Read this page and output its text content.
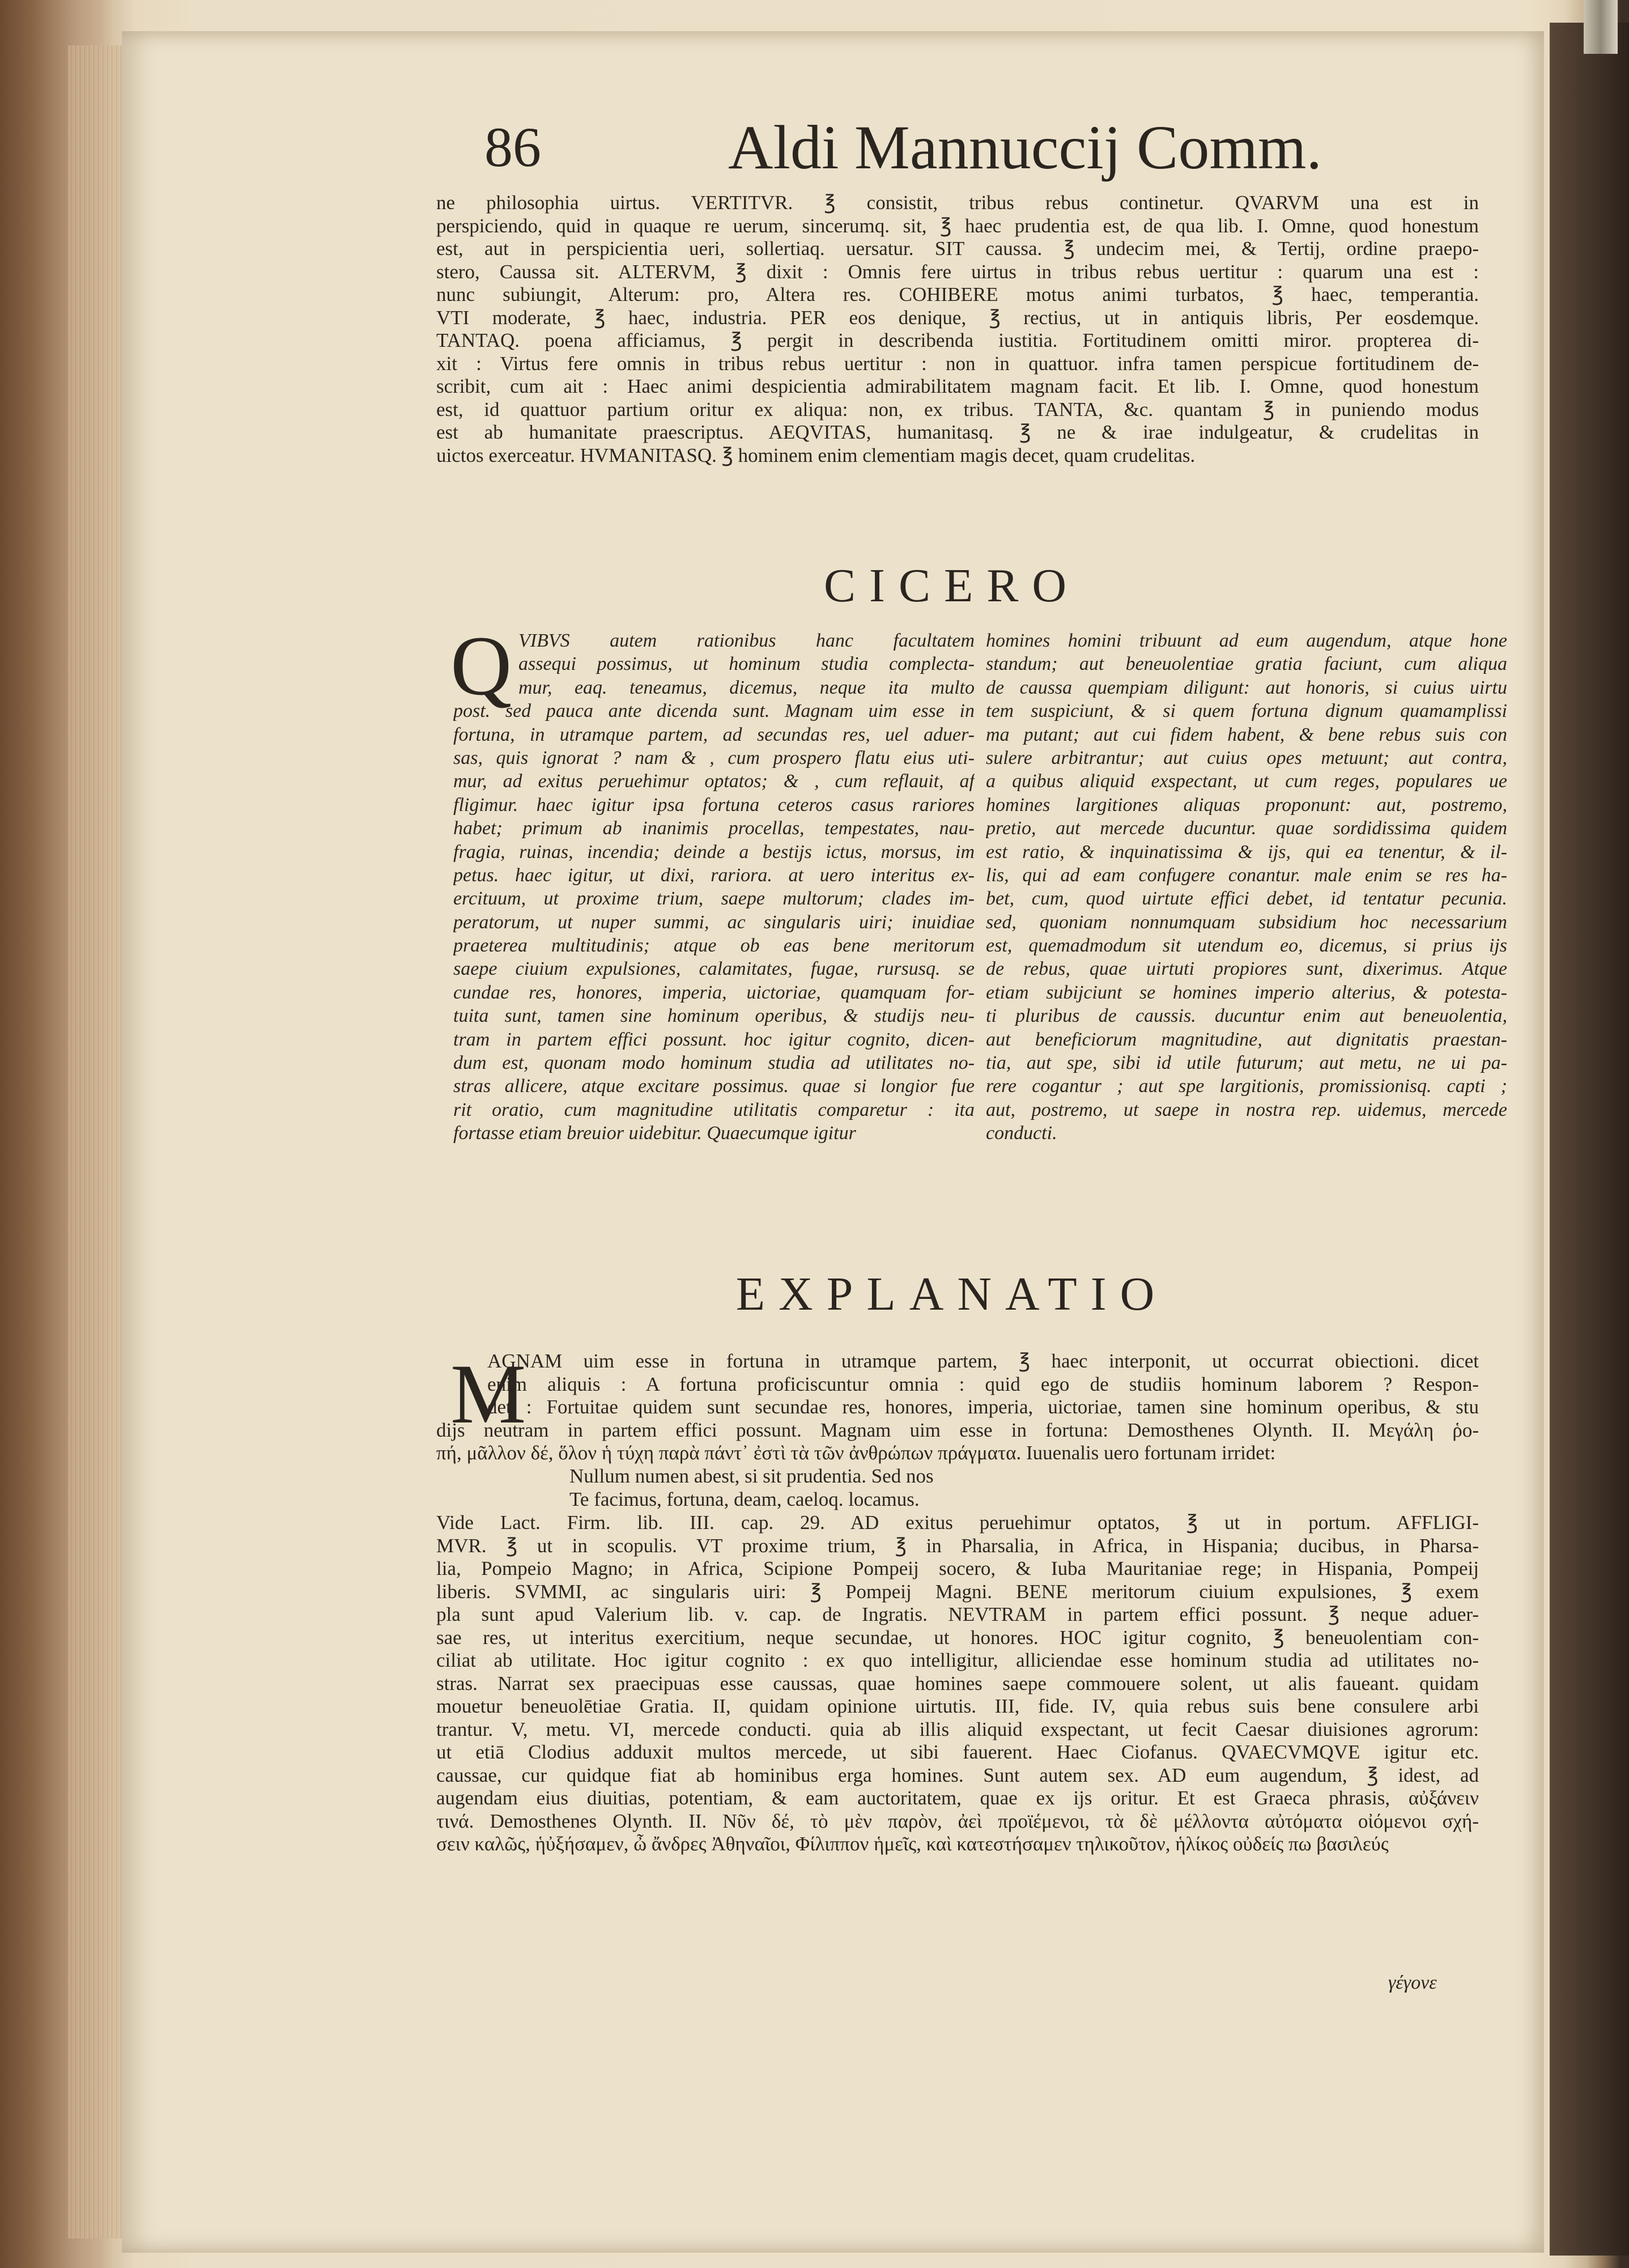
86	Aldi Mannuccij Comm.
ne philosophia uirtus. VERTITVR. ℥ consistit, tribus rebus continetur. QVARVM una est in
perspiciendo, quid in quaque re uerum, sincerumq. sit, ℥ haec prudentia est, de qua lib. I. Omne, quod honestum
est, aut in perspicientia ueri, sollertiaq. uersatur. SIT caussa. ℥ undecim mei, & Tertij, ordine praepo-
stero, Caussa sit. ALTERVM, ℥ dixit : Omnis fere uirtus in tribus rebus uertitur : quarum una est :
nunc subiungit, Alterum: pro, Altera res. COHIBERE motus animi turbatos, ℥ haec, temperantia.
VTI moderate, ℥ haec, industria. PER eos denique, ℥ rectius, ut in antiquis libris, Per eosdemque.
TANTAQ. poena afficiamus, ℥ pergit in describenda iustitia. Fortitudinem omitti miror. propterea di-
xit : Virtus fere omnis in tribus rebus uertitur : non in quattuor. infra tamen perspicue fortitudinem de-
scribit, cum ait : Haec animi despicientia admirabilitatem magnam facit. Et lib. I. Omne, quod honestum
est, id quattuor partium oritur ex aliqua: non, ex tribus. TANTA, &c. quantam ℥ in puniendo modus
est ab humanitate praescriptus. AEQVITAS, humanitasq. ℥ ne & irae indulgeatur, & crudelitas in
uictos exerceatur. HVMANITASQ. ℥ hominem enim clementiam magis decet, quam crudelitas.
CICERO
Q VIBVS autem rationibus hanc facultatem
assequi possimus, ut hominum studia complecta-
mur, eaq. teneamus, dicemus, neque ita multo
post. sed pauca ante dicenda sunt. Magnam uim esse in
fortuna, in utramque partem, ad secundas res, uel aduer-
sas, quis ignorat ? nam & , cum prospero flatu eius uti-
mur, ad exitus peruehimur optatos; & , cum reflauit, af
fligimur. haec igitur ipsa fortuna ceteros casus rariores
habet; primum ab inanimis procellas, tempestates, nau-
fragia, ruinas, incendia; deinde a bestijs ictus, morsus, im
petus. haec igitur, ut dixi, rariora. at uero interitus ex-
ercituum, ut proxime trium, saepe multorum; clades im-
peratorum, ut nuper summi, ac singularis uiri; inuidiae
praeterea multitudinis; atque ob eas bene meritorum
saepe ciuium expulsiones, calamitates, fugae, rursusq. se
cundae res, honores, imperia, uictoriae, quamquam for-
tuita sunt, tamen sine hominum operibus, & studijs neu-
tram in partem effici possunt. hoc igitur cognito, dicen-
dum est, quonam modo hominum studia ad utilitates no-
stras allicere, atque excitare possimus. quae si longior fue
rit oratio, cum magnitudine utilitatis comparetur : ita
fortasse etiam breuior uidebitur. Quaecumque igitur
homines homini tribuunt ad eum augendum, atque hone
standum; aut beneuolentiae gratia faciunt, cum aliqua
de caussa quempiam diligunt: aut honoris, si cuius uirtu
tem suspiciunt, & si quem fortuna dignum quamamplissi
ma putant; aut cui fidem habent, & bene rebus suis con
sulere arbitrantur; aut cuius opes metuunt; aut contra,
a quibus aliquid exspectant, ut cum reges, populares ue
homines largitiones aliquas proponunt: aut, postremo,
pretio, aut mercede ducuntur. quae sordidissima quidem
est ratio, & inquinatissima & ijs, qui ea tenentur, & il-
lis, qui ad eam confugere conantur. male enim se res ha-
bet, cum, quod uirtute effici debet, id tentatur pecunia.
sed, quoniam nonnumquam subsidium hoc necessarium
est, quemadmodum sit utendum eo, dicemus, si prius ijs
de rebus, quae uirtuti propiores sunt, dixerimus. Atque
etiam subijciunt se homines imperio alterius, & potesta-
ti pluribus de caussis. ducuntur enim aut beneuolentia,
aut beneficiorum magnitudine, aut dignitatis praestan-
tia, aut spe, sibi id utile futurum; aut metu, ne ui pa-
rere cogantur ; aut spe largitionis, promissionisq. capti ;
aut, postremo, ut saepe in nostra rep. uidemus, mercede
conducti.
EXPLANATIO
M
AGNAM uim esse in fortuna in utramque partem, ℥ haec interponit, ut occurrat obiectioni. dicet
enim aliquis : A fortuna proficiscuntur omnia : quid ego de studiis hominum laborem ? Respon-
det : Fortuitae quidem sunt secundae res, honores, imperia, uictoriae, tamen sine hominum operibus, & stu
dijs neutram in partem effici possunt. Magnam uim esse in fortuna: Demosthenes Olynth. II. Μεγάλη ῥο-
πή, μᾶλλον δέ, ὅλον ἡ τύχη παρὰ πάντ᾽ ἐστὶ τὰ τῶν ἀνθρώπων πράγματα. Iuuenalis uero fortunam irridet:
Nullum numen abest, si sit prudentia. Sed nos
Te facimus, fortuna, deam, caeloq. locamus.
Vide Lact. Firm. lib. III. cap. 29. AD exitus peruehimur optatos, ℥ ut in portum. AFFLIGI-
MVR. ℥ ut in scopulis. VT proxime trium, ℥ in Pharsalia, in Africa, in Hispania; ducibus, in Pharsa-
lia, Pompeio Magno; in Africa, Scipione Pompeij socero, & Iuba Mauritaniae rege; in Hispania, Pompeij
liberis. SVMMI, ac singularis uiri: ℥ Pompeij Magni. BENE meritorum ciuium expulsiones, ℥ exem
pla sunt apud Valerium lib. v. cap. de Ingratis. NEVTRAM in partem effici possunt. ℥ neque aduer-
sae res, ut interitus exercitium, neque secundae, ut honores. HOC igitur cognito, ℥ beneuolentiam con-
ciliat ab utilitate. Hoc igitur cognito : ex quo intelligitur, alliciendae esse hominum studia ad utilitates no-
stras. Narrat sex praecipuas esse caussas, quae homines saepe commouere solent, ut alis faueant. quidam
mouetur beneuolētiae Gratia. II, quidam opinione uirtutis. III, fide. IV, quia rebus suis bene consulere arbi
trantur. V, metu. VI, mercede conducti. quia ab illis aliquid exspectant, ut fecit Caesar diuisiones agrorum:
ut etiā Clodius adduxit multos mercede, ut sibi fauerent. Haec Ciofanus. QVAECVMQVE igitur etc.
caussae, cur quidque fiat ab hominibus erga homines. Sunt autem sex. AD eum augendum, ℥ idest, ad
augendam eius diuitias, potentiam, & eam auctoritatem, quae ex ijs oritur. Et est Graeca phrasis, αὐξάνειν
τινά. Demosthenes Olynth. II. Νῦν δέ, τὸ μὲν παρὸν, ἀεὶ προϊέμενοι, τὰ δὲ μέλλοντα αὐτόματα οἰόμενοι σχή-
σειν καλῶς, ἡὐξήσαμεν, ὦ ἄνδρες Ἀθηναῖοι, Φίλιππον ἡμεῖς, καὶ κατεστήσαμεν τηλικοῦτον, ἡλίκος οὐδείς πω βασιλεύς
γέγονε
